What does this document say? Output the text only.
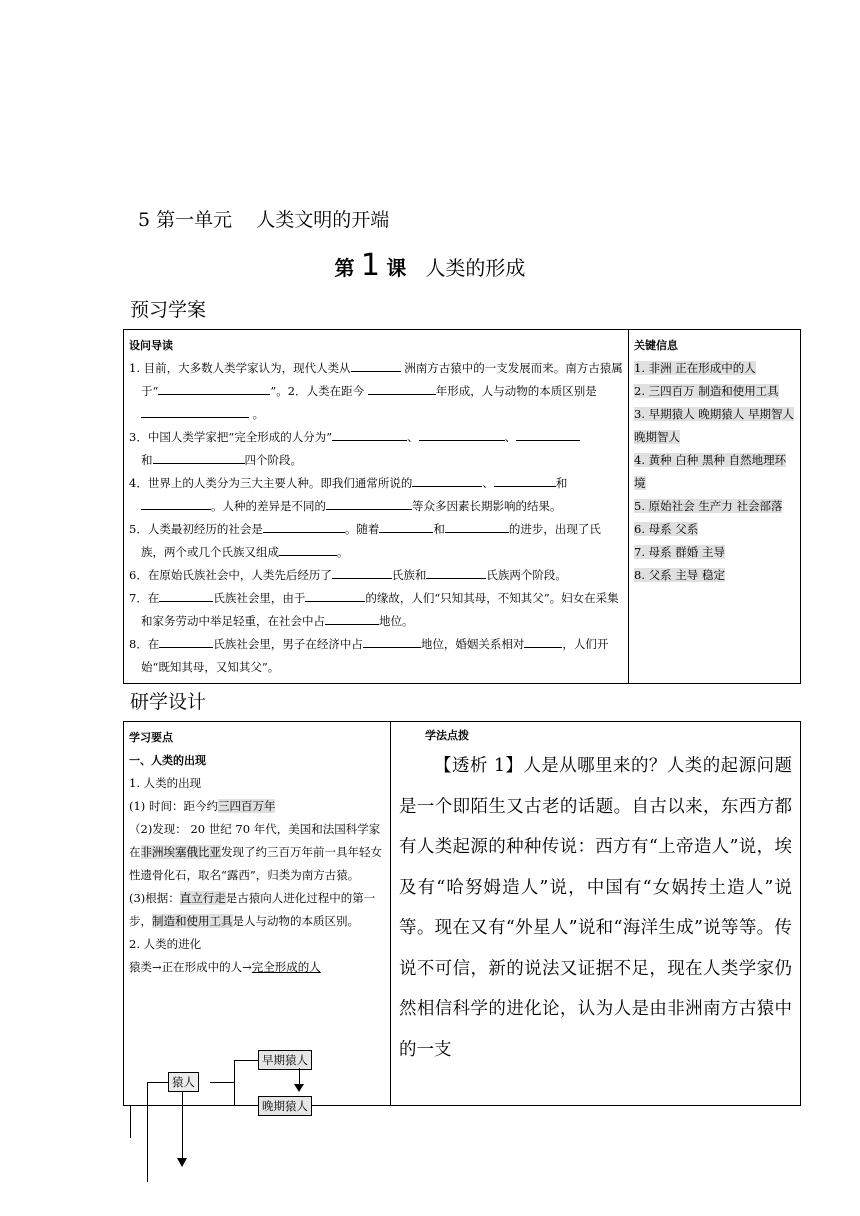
5 第一单元    人类文明的开端
第 1 课 人类的形成
预习学案
设问导读
1. 目前，大多数人类学家认为，现代人类从	洲南方古猿中的一支发展而来。南方古猿属于“	”。2．人类在距今	年形成，人与动物的本质区别是 。
3．中国人类学家把“完全形成的人分为”	、	、
和	四个阶段。
4．世界上的人类分为三大主要人种。即我们通常所说的	、	和
。人种的差异是不同的	等众多因素长期影响的结果。
5．人类最初经历的社会是	。随着	和	的进步，出现了氏族，两个或几个氏族又组成	。
6．在原始氏族社会中，人类先后经历了	氏族和	氏族两个阶段。
7．在	氏族社会里，由于	的缘故，人们“只知其母，不知其父”。妇女在采集和家务劳动中举足轻重，在社会中占	地位。
8．在	氏族社会里，男子在经济中占	地位，婚姻关系相对	，人们开始“既知其母，又知其父”。

关键信息
1. 非洲 正在形成中的人
2. 三四百万 制造和使用工具
3. 早期猿人 晚期猿人 早期智人 晚期智人
4. 黄种 白种 黑种 自然地理环境
5. 原始社会 生产力 社会部落
6. 母系 父系
7. 母系 群婚 主导
8. 父系 主导 稳定
研学设计
学习要点
一、人类的出现
1. 人类的出现
(1) 时间：距今约三四百万年
（2)发现： 20 世纪 70 年代，美国和法国科学家在非洲埃塞俄比亚发现了约三百万年前一具年轻女性遗骨化石，取名“露西”，归类为南方古猿。
(3)根据：直立行走是古猿向人进化过程中的第一步，制造和使用工具是人与动物的本质区别。
2. 人类的进化
猿类→正在形成中的人→完全形成的人

学法点拨
【透析 1】人是从哪里来的？人类的起源问题是一个即陌生又古老的话题。自古以来，东西方都有人类起源的种种传说：西方有“上帝造人”说，埃及有“哈努姆造人”说，中国有“女娲抟土造人”说等。现在又有“外星人”说和“海洋生成”说等等。传说不可信，新的说法又证据不足，现在人类学家仍然相信科学的进化论，认为人是由非洲南方古猿中的一支
早期猿人
晚期猿人
猿人
